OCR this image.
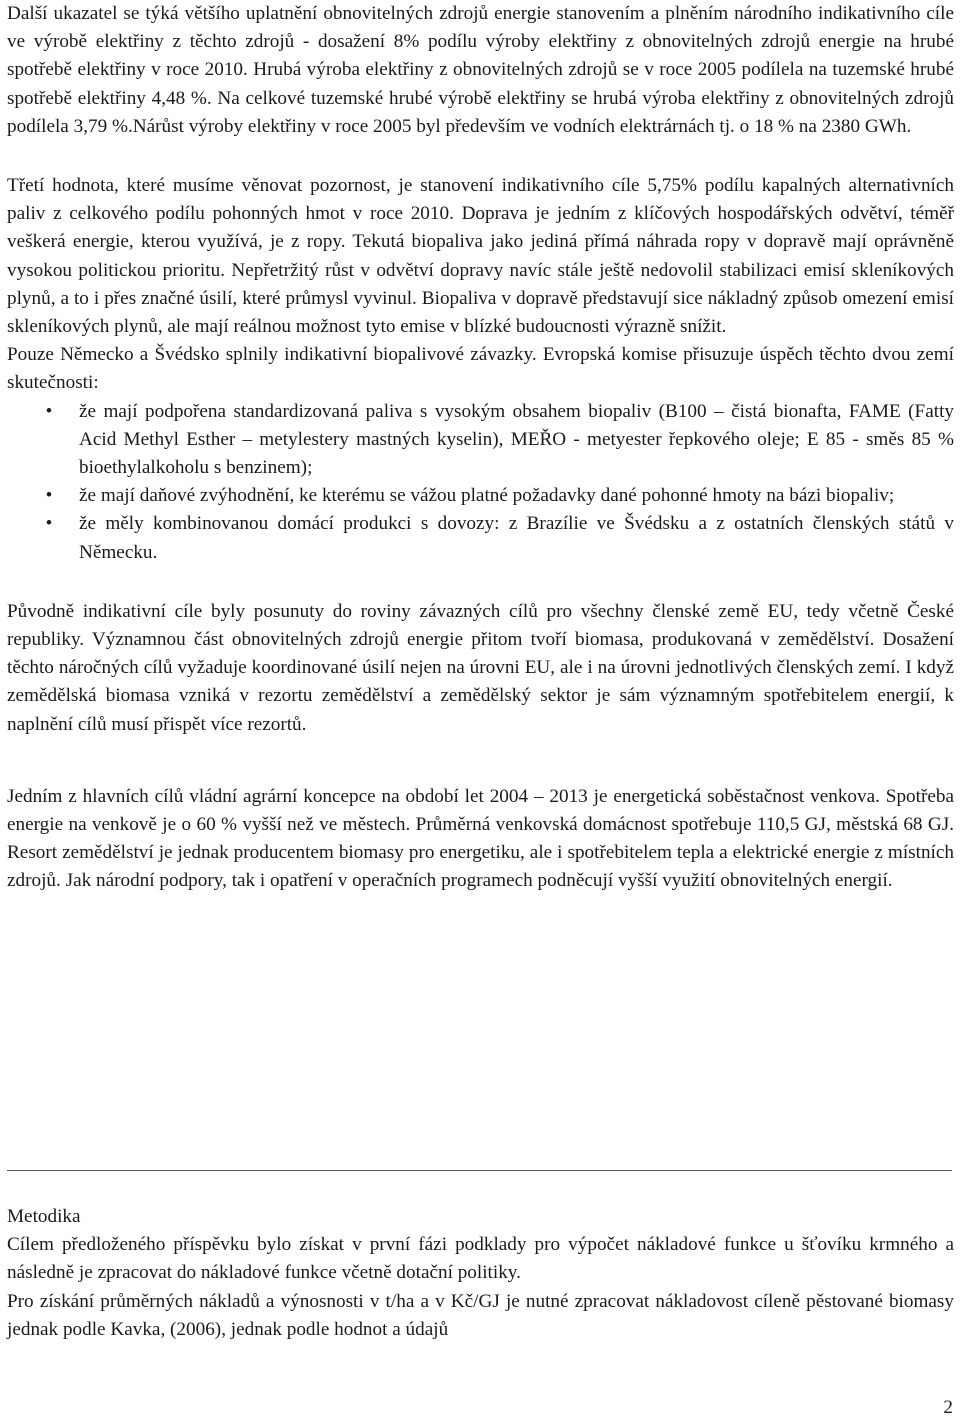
Další ukazatel se týká většího uplatnění obnovitelných zdrojů energie stanovením a plněním národního indikativního cíle ve výrobě elektřiny z těchto zdrojů - dosažení 8% podílu výroby elektřiny z obnovitelných zdrojů energie na hrubé spotřebě elektřiny v roce 2010. Hrubá výroba elektřiny z obnovitelných zdrojů se v roce 2005 podílela na tuzemské hrubé spotřebě elektřiny 4,48 %. Na celkové tuzemské hrubé výrobě elektřiny se hrubá výroba elektřiny z obnovitelných zdrojů podílela 3,79 %.Nárůst výroby elektřiny v roce 2005 byl především ve vodních elektrárnách tj. o 18 % na 2380 GWh.

Třetí hodnota, které musíme věnovat pozornost, je stanovení indikativního cíle 5,75% podílu kapalných alternativních paliv z celkového podílu pohonných hmot v roce 2010. Doprava je jedním z klíčových hospodářských odvětví, téměř veškerá energie, kterou využívá, je z ropy. Tekutá biopaliva jako jediná přímá náhrada ropy v dopravě mají oprávněně vysokou politickou prioritu. Nepřetržitý růst v odvětví dopravy navíc stále ještě nedovolil stabilizaci emisí skleníkových plynů, a to i přes značné úsilí, které průmysl vyvinul. Biopaliva v dopravě představují sice nákladný způsob omezení emisí skleníkových plynů, ale mají reálnou možnost tyto emise v blízké budoucnosti výrazně snížit.

Pouze Německo a Švédsko splnily indikativní biopalivové závazky. Evropská komise přisuzuje úspěch těchto dvou zemí skutečnosti:

• že mají podpořena standardizovaná paliva s vysokým obsahem biopaliv (B100 – čistá bionafta, FAME (Fatty Acid Methyl Esther – metylestery mastných kyselin), MEŘO - metyester řepkového oleje; E 85 - směs 85 % bioethylalkoholu s benzinem);
• že mají daňové zvýhodnění, ke kterému se vážou platné požadavky dané pohonné hmoty na bázi biopaliv;
• že měly kombinovanou domácí produkci s dovozy: z Brazílie ve Švédsku a z ostatních členských států v Německu.

Původně indikativní cíle byly posunuty do roviny závazných cílů pro všechny členské země EU, tedy včetně České republiky. Významnou část obnovitelných zdrojů energie přitom tvoří biomasa, produkovaná v zemědělství. Dosažení těchto náročných cílů vyžaduje koordinované úsilí nejen na úrovni EU, ale i na úrovni jednotlivých členských zemí. I když zemědělská biomasa vzniká v rezortu zemědělství a zemědělský sektor je sám významným spotřebitelem energií, k naplnění cílů musí přispět více rezortů.

Jedním z hlavních cílů vládní agrární koncepce na období let 2004 – 2013 je energetická soběstačnost venkova. Spotřeba energie na venkově je o 60 % vyšší než ve městech. Průměrná venkovská domácnost spotřebuje 110,5 GJ, městská 68 GJ. Resort zemědělství je jednak producentem biomasy pro energetiku, ale i spotřebitelem tepla a elektrické energie z místních zdrojů. Jak národní podpory, tak i opatření v operačních programech podněcují vyšší využití obnovitelných energií.

Metodika

Cílem předloženého příspěvku bylo získat v první fázi podklady pro výpočet nákladové funkce u šťovíku krmného a následně je zpracovat do nákladové funkce včetně dotační politiky.

Pro získání průměrných nákladů a výnosnosti v t/ha a v Kč/GJ je nutné zpracovat nákladovost cíleně pěstované biomasy jednak podle Kavka, (2006), jednak podle hodnot a údajů

2
